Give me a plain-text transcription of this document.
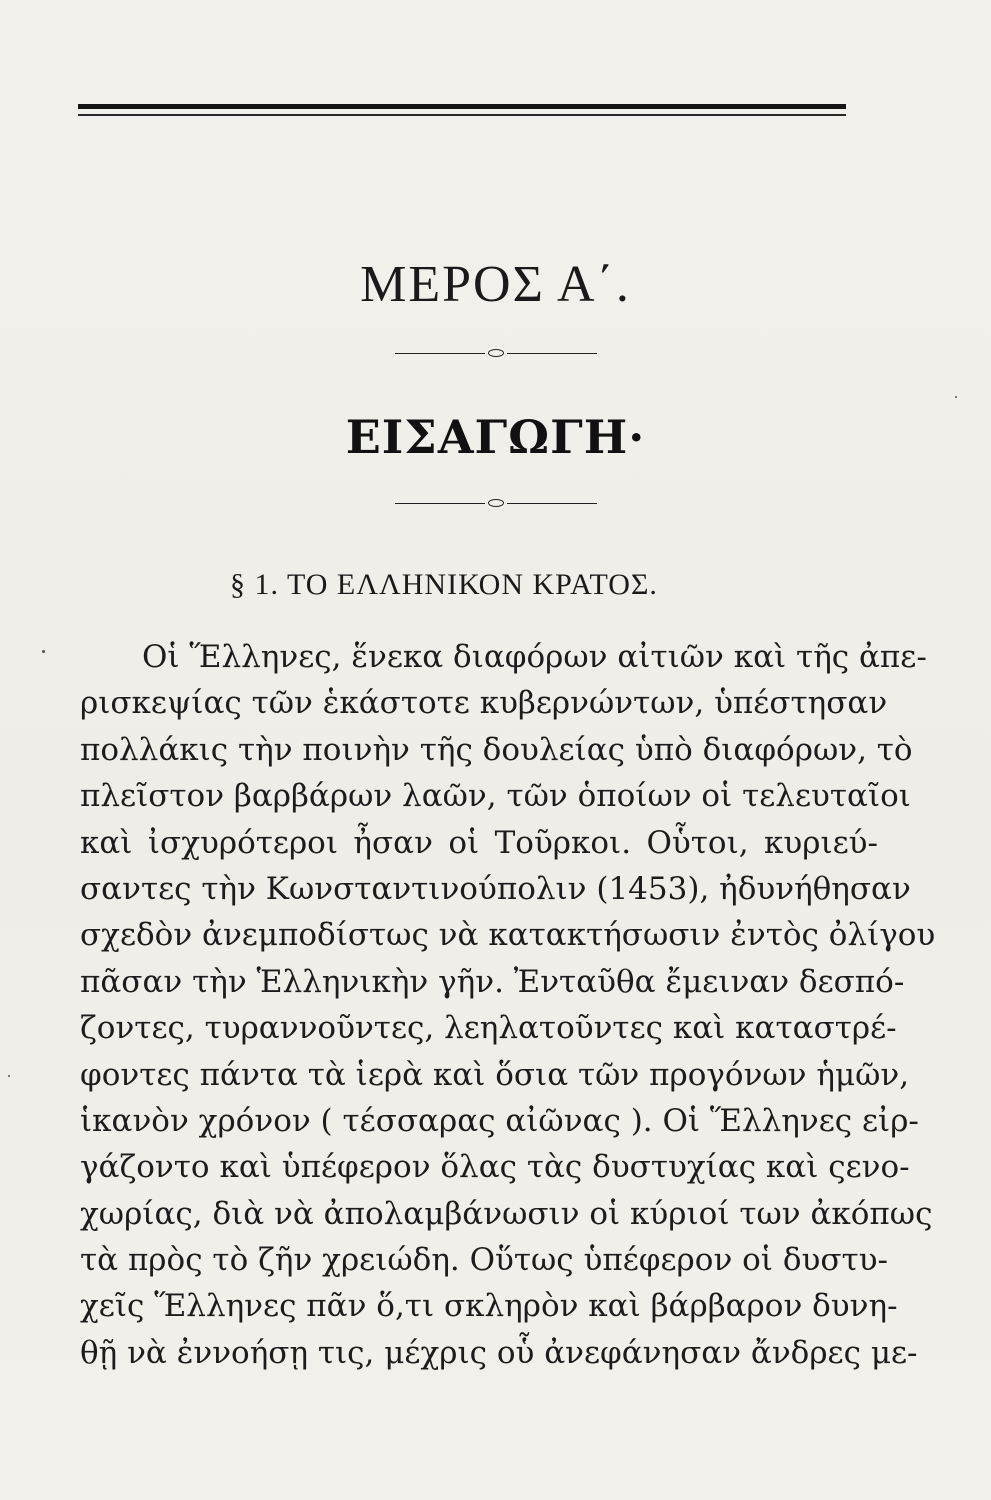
ΜΕΡΟΣ Α΄.
ΕΙΣΑΓΩΓΗ·
§ 1. ΤΟ ΕΛΛΗΝΙΚΟΝ ΚΡΑΤΟΣ.
Οἱ Ἕλληνες, ἕνεκα διαφόρων αἰτιῶν καὶ τῆς ἀπε-
ρισκεψίας τῶν ἑκάστοτε κυβερνώντων, ὑπέστησαν
πολλάκις τὴν ποινὴν τῆς δουλείας ὑπὸ διαφόρων, τὸ
πλεῖστον βαρβάρων λαῶν, τῶν ὁποίων οἱ τελευταῖοι
καὶ ἰσχυρότεροι ἦσαν οἱ Τοῦρκοι. Οὗτοι, κυριεύ-
σαντες τὴν Κωνσταντινούπολιν (1453), ἠδυνήθησαν
σχεδὸν ἀνεμποδίστως νὰ κατακτήσωσιν ἐντὸς ὀλίγου
πᾶσαν τὴν Ἑλληνικὴν γῆν. Ἐνταῦθα ἔμειναν δεσπό-
ζοντες, τυραννοῦντες, λεηλατοῦντες καὶ καταστρέ-
φοντες πάντα τὰ ἱερὰ καὶ ὅσια τῶν προγόνων ἡμῶν,
ἱκανὸν χρόνον ( τέσσαρας αἰῶνας ). Οἱ Ἕλληνες εἰρ-
γάζοντο καὶ ὑπέφερον ὅλας τὰς δυστυχίας καὶ ςενο-
χωρίας, διὰ νὰ ἀπολαμβάνωσιν οἱ κύριοί των ἀκόπως
τὰ πρὸς τὸ ζῆν χρειώδη. Οὕτως ὑπέφερον οἱ δυστυ-
χεῖς Ἕλληνες πᾶν ὅ,τι σκληρὸν καὶ βάρβαρον δυνη-
θῇ νὰ ἐννοήσῃ τις, μέχρις οὗ ἀνεφάνησαν ἄνδρες με-
